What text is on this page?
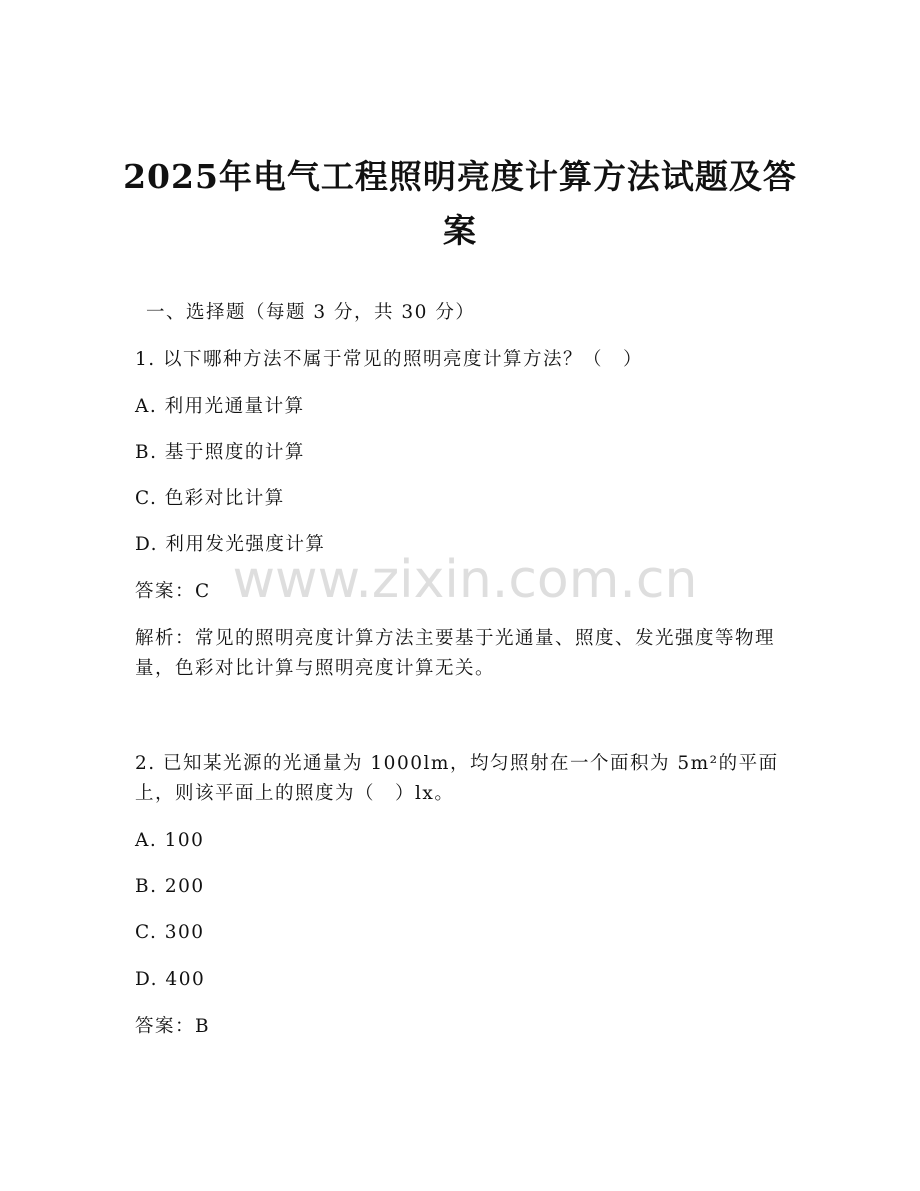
2025年电气工程照明亮度计算方法试题及答案
一、选择题（每题 3 分，共 30 分）
1. 以下哪种方法不属于常见的照明亮度计算方法？（　）
A. 利用光通量计算
B. 基于照度的计算
C. 色彩对比计算
D. 利用发光强度计算
答案：C
解析：常见的照明亮度计算方法主要基于光通量、照度、发光强度等物理量，色彩对比计算与照明亮度计算无关。
2. 已知某光源的光通量为 1000lm，均匀照射在一个面积为 5m²的平面上，则该平面上的照度为（　）lx。
A. 100
B. 200
C. 300
D. 400
答案：B
www.zixin.com.cn
